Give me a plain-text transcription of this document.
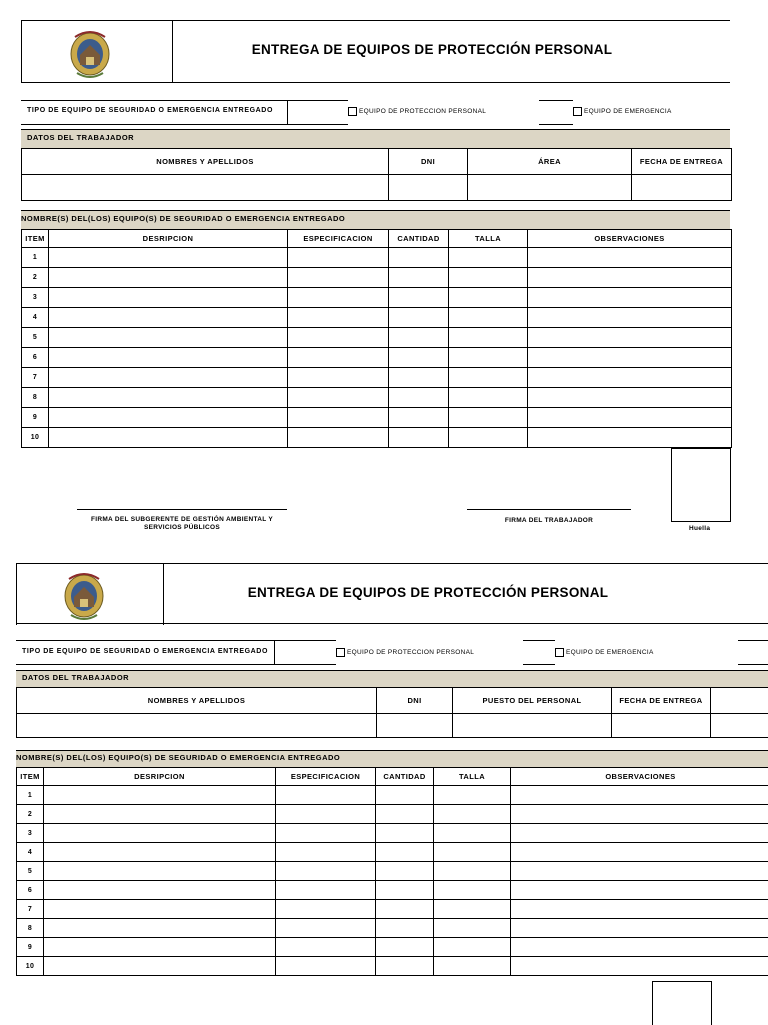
ENTREGA DE EQUIPOS DE PROTECCIÓN PERSONAL
TIPO DE EQUIPO DE SEGURIDAD O EMERGENCIA ENTREGADO	EQUIPO DE PROTECCION PERSONAL	EQUIPO DE EMERGENCIA
DATOS DEL TRABAJADOR
NOMBRES Y APELLIDOS	DNI	ÁREA	FECHA DE ENTREGA

NOMBRE(S) DEL(LOS) EQUIPO(S) DE SEGURIDAD O EMERGENCIA ENTREGADO
ITEM	DESRIPCION	ESPECIFICACION	CANTIDAD	TALLA	OBSERVACIONES
1					
2					
3					
4					
5					
6					
7					
8					
9					
10					
FIRMA DEL SUBGERENTE DE GESTIÓN AMBIENTAL Y
SERVICIOS PÚBLICOS
FIRMA DEL TRABAJADOR
Huella
ENTREGA DE EQUIPOS DE PROTECCIÓN PERSONAL
TIPO DE EQUIPO DE SEGURIDAD O EMERGENCIA ENTREGADO	EQUIPO DE PROTECCION PERSONAL	EQUIPO DE EMERGENCIA
DATOS DEL TRABAJADOR
NOMBRES Y APELLIDOS	DNI	PUESTO DEL PERSONAL	FECHA DE ENTREGA	

NOMBRE(S) DEL(LOS) EQUIPO(S) DE SEGURIDAD O EMERGENCIA ENTREGADO
ITEM	DESRIPCION	ESPECIFICACION	CANTIDAD	TALLA	OBSERVACIONES
1					
2					
3					
4					
5					
6					
7					
8					
9					
10					
